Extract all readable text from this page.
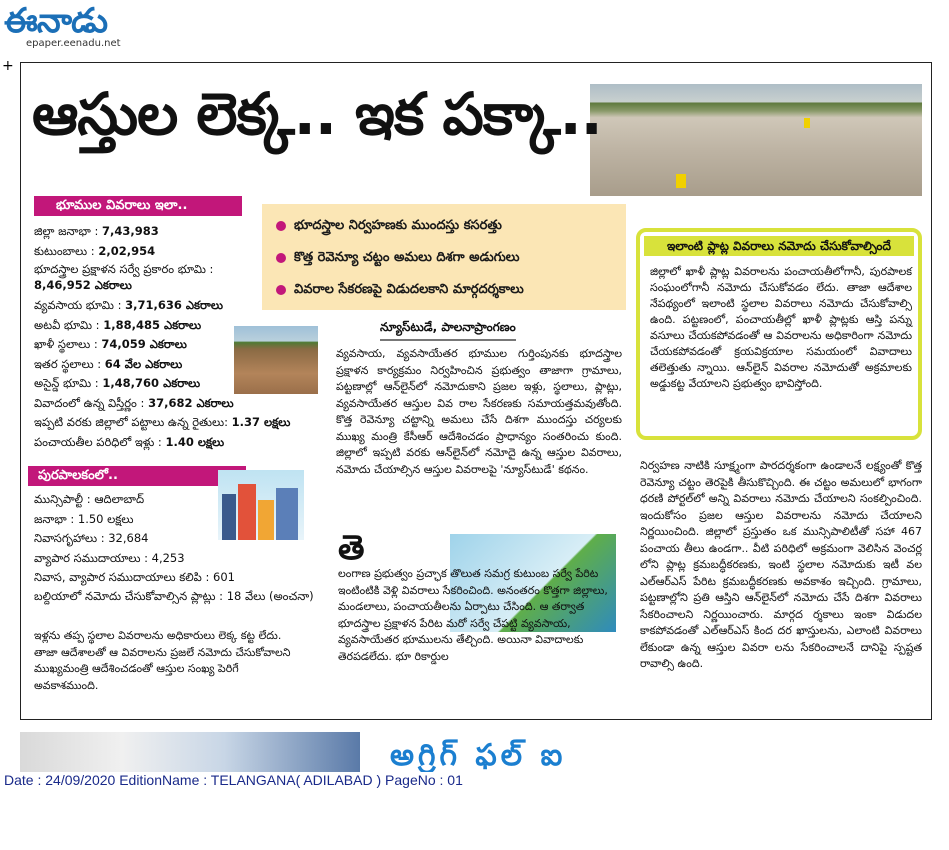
ఈనాడు
epaper.eenadu.net
+
ఆస్తుల లెక్క.. ఇక పక్కా..
భూముల వివరాలు ఇలా..
జిల్లా జనాభా : 7,43,983
కుటుంబాలు : 2,02,954
భూదస్త్రాల ప్రక్షాళన సర్వే ప్రకారం భూమి :
8,46,952 ఎకరాలు
వ్యవసాయ భూమి : 3,71,636 ఎకరాలు
అటవీ భూమి : 1,88,485 ఎకరాలు
ఖాళీ స్థలాలు : 74,059 ఎకరాలు
ఇతర స్థలాలు : 64 వేల ఎకరాలు
అసైన్డ్ భూమి : 1,48,760 ఎకరాలు
వివాదంలో ఉన్న విస్తీర్ణం : 37,682 ఎకరాలు
ఇప్పటి వరకు జిల్లాలో పట్టాలు ఉన్న రైతులు: 1.37 లక్షలు
పంచాయతీల పరిధిలో ఇళ్లు : 1.40 లక్షలు
పురపాలకంలో..
మున్సిపాల్టీ : ఆదిలాబాద్
జనాభా : 1.50 లక్షలు
నివాసగృహాలు : 32,684
వ్యాపార సముదాయాలు : 4,253
నివాస, వ్యాపార సముదాయాలు కలిపి : 601
బల్దియాలో నమోదు చేసుకోవాల్సిన ప్లాట్లు : 18 వేలు (అంచనా)
ఇళ్లను తప్ప స్థలాల వివరాలను అధికారులు లెక్క కట్ట లేదు. తాజా ఆదేశాలతో ఆ వివరాలను ప్రజలే నమోదు చేసుకోవాలని ముఖ్యమంత్రి ఆదేశించడంతో ఆస్తుల సంఖ్య పెరిగే అవకాశముంది.
భూదస్త్రాల నిర్వహణకు ముందస్తు కసరత్తు
కొత్త రెవెన్యూ చట్టం అమలు దిశగా అడుగులు
వివరాల సేకరణపై విడుదలకాని మార్గదర్శకాలు
న్యూస్‌టుడే, పాలనాప్రాంగణం
వ్యవసాయ, వ్యవసాయేతర భూముల గుర్తింపునకు భూదస్త్రాల ప్రక్షాళన కార్యక్రమం నిర్వహించిన ప్రభుత్వం తాజాగా గ్రామాలు, పట్టణాల్లో ఆన్‌లైన్‌లో నమోదుకాని ప్రజల ఇళ్లు, స్థలాలు, ప్లాట్లు, వ్యవసాయేతర ఆస్తుల వివ రాల సేకరణకు సమాయత్తమవుతోంది. కొత్త రెవెన్యూ చట్టాన్ని అమలు చేసే దిశగా ముందస్తు చర్యలకు ముఖ్య మంత్రి కేసీఆర్ ఆదేశించడం ప్రాధాన్యం సంతరించు కుంది. జిల్లాలో ఇప్పటి వరకు ఆన్‌లైన్‌లో నమోదై ఉన్న ఆస్తుల వివరాలు, నమోదు చేయాల్సిన ఆస్తుల వివరాలపై 'న్యూస్‌టుడే' కథనం.
తె
లంగాణ ప్రభుత్వం ప్రచ్ఛాక తొలుత సమగ్ర కుటుంబ సర్వే పేరిట ఇంటింటికి వెళ్లి వివరాలు సేకరించింది. అనంతరం కొత్తగా జిల్లాలు, మండలాలు, పంచాయతీలను ఏర్పాటు చేసింది. ఆ తర్వాత భూదస్త్రాల ప్రక్షాళన పేరిట మరో సర్వే చేపట్టి వ్యవసాయ, వ్యవసాయేతర భూములను తేల్చింది. అయినా వివాదాలకు తెరపడలేదు. భూ రికార్డుల
ఇలాంటి ప్లాట్ల వివరాలు నమోదు చేసుకోవాల్సిందే
జిల్లాలో ఖాళీ ప్లాట్ల వివరాలను పంచాయతీలోగానీ, పురపాలక సంఘంలోగానీ నమోదు చేసుకోవడం లేదు. తాజా ఆదేశాల నేపథ్యంలో ఇలాంటి స్థలాల వివరాలు నమోదు చేసుకోవాల్సి ఉంది. పట్టణంలో, పంచాయతీల్లో ఖాళీ ప్లాట్లకు ఆస్తి పన్ను వసూలు చేయకపోవడంతో ఆ వివరాలను అధికారింగా నమోదు చేయకపోవడంతో క్రయవిక్రయాల సమయంలో వివాదాలు తలెత్తుతు న్నాయి. ఆన్‌లైన్ వివరాల నమోదుతో అక్రమాలకు అడ్డుకట్ట వేయాలని ప్రభుత్వం భావిస్తోంది.
నిర్వహణ నాటికి సూక్ష్మంగా పారదర్శకంగా ఉండాలనే లక్ష్యంతో కొత్త రెవెన్యూ చట్టం తెరపైకి తీసుకొచ్చింది. ఈ చట్టం అమలులో భాగంగా ధరణి పోర్టల్‌లో అన్ని వివరాలు నమోదు చేయాలని సంకల్పించింది. ఇందుకోసం ప్రజల ఆస్తుల వివరాలను నమోదు చేయాలని నిర్ణయించింది. జిల్లాలో ప్రస్తుతం ఒక మున్సిపాలిటీతో సహా 467 పంచాయ తీలు ఉండగా.. వీటి పరిధిలో అక్రమంగా వెలిసిన వెంచర్ల లోని ప్లాట్ల క్రమబద్ధీకరణకు, ఇంటి స్థలాల నమోదుకు ఇటీ వల ఎల్ఆర్ఎస్ పేరిట క్రమబద్ధీకరణకు అవకాశం ఇచ్చింది. గ్రామాలు, పట్టణాల్లోని ప్రతి ఆస్తిని ఆన్‌లైన్‌లో నమోదు చేసే దిశగా వివరాలు సేకరించాలని నిర్ణయించారు. మార్గద ర్శకాలు ఇంకా విడుదల కాకపోవడంతో ఎల్ఆర్ఎస్ కింద దర ఖాస్తులను, ఎలాంటి వివరాలు లేకుండా ఉన్న ఆస్తుల వివరా లను సేకరించాలనే దానిపై స్పష్టత రావాల్సి ఉంది.
అగ్రిగ్ ఫల్ ఐ
Date : 24/09/2020 EditionName : TELANGANA( ADILABAD ) PageNo : 01
